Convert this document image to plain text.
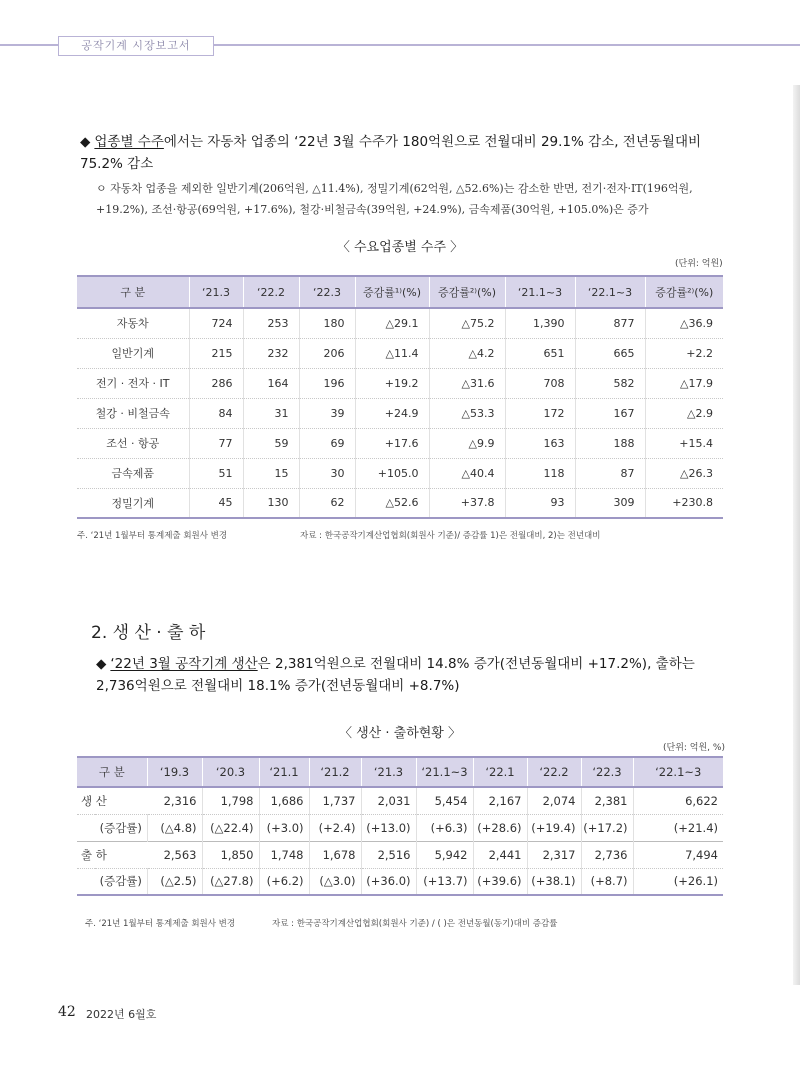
공작기계 시장보고서
◆ 업종별 수주에서는 자동차 업종의 ‘22년 3월 수주가 180억원으로 전월대비 29.1% 감소, 전년동월대비 75.2% 감소
ㅇ 자동차 업종을 제외한 일반기계(206억원, △11.4%), 정밀기계(62억원, △52.6%)는 감소한 반면, 전기·전자·IT(196억원, +19.2%), 조선·항공(69억원, +17.6%), 철강·비철금속(39억원, +24.9%), 금속제품(30억원, +105.0%)은 증가
〈 수요업종별 수주 〉
(단위: 억원)
구 분	‘21.3	‘22.2	‘22.3	증감률¹⁾(%)	증감률²⁾(%)	‘21.1~3	‘22.1~3	증감률²⁾(%)
자동차	724	253	180	△29.1	△75.2	1,390	877	△36.9
일반기계	215	232	206	△11.4	△4.2	651	665	+2.2
전기 · 전자 · IT	286	164	196	+19.2	△31.6	708	582	△17.9
철강 · 비철금속	84	31	39	+24.9	△53.3	172	167	△2.9
조선 · 항공	77	59	69	+17.6	△9.9	163	188	+15.4
금속제품	51	15	30	+105.0	△40.4	118	87	△26.3
정밀기계	45	130	62	△52.6	+37.8	93	309	+230.8
주. ‘21년 1월부터 통계제출 회원사 변경	자료 : 한국공작기계산업협회(회원사 기준)/ 증감률 1)은 전월대비, 2)는 전년대비
2. 생 산 · 출 하
◆ ‘22년 3월 공작기계 생산은 2,381억원으로 전월대비 14.8% 증가(전년동월대비 +17.2%), 출하는 2,736억원으로 전월대비 18.1% 증가(전년동월대비 +8.7%)
〈 생산 · 출하현황 〉
(단위: 억원, %)
구 분		‘19.3	‘20.3	‘21.1	‘21.2	‘21.3	‘21.1~3	‘22.1	‘22.2	‘22.3	‘22.1~3
생 산		2,316	1,798	1,686	1,737	2,031	5,454	2,167	2,074	2,381	6,622
	(증감률)	(△4.8)	(△22.4)	(+3.0)	(+2.4)	(+13.0)	(+6.3)	(+28.6)	(+19.4)	(+17.2)	(+21.4)
출 하		2,563	1,850	1,748	1,678	2,516	5,942	2,441	2,317	2,736	7,494
	(증감률)	(△2.5)	(△27.8)	(+6.2)	(△3.0)	(+36.0)	(+13.7)	(+39.6)	(+38.1)	(+8.7)	(+26.1)
주. ‘21년 1월부터 통계제출 회원사 변경	자료 : 한국공작기계산업협회(회원사 기준) / ( )은 전년동월(동기)대비 증감률
42 2022년 6월호
